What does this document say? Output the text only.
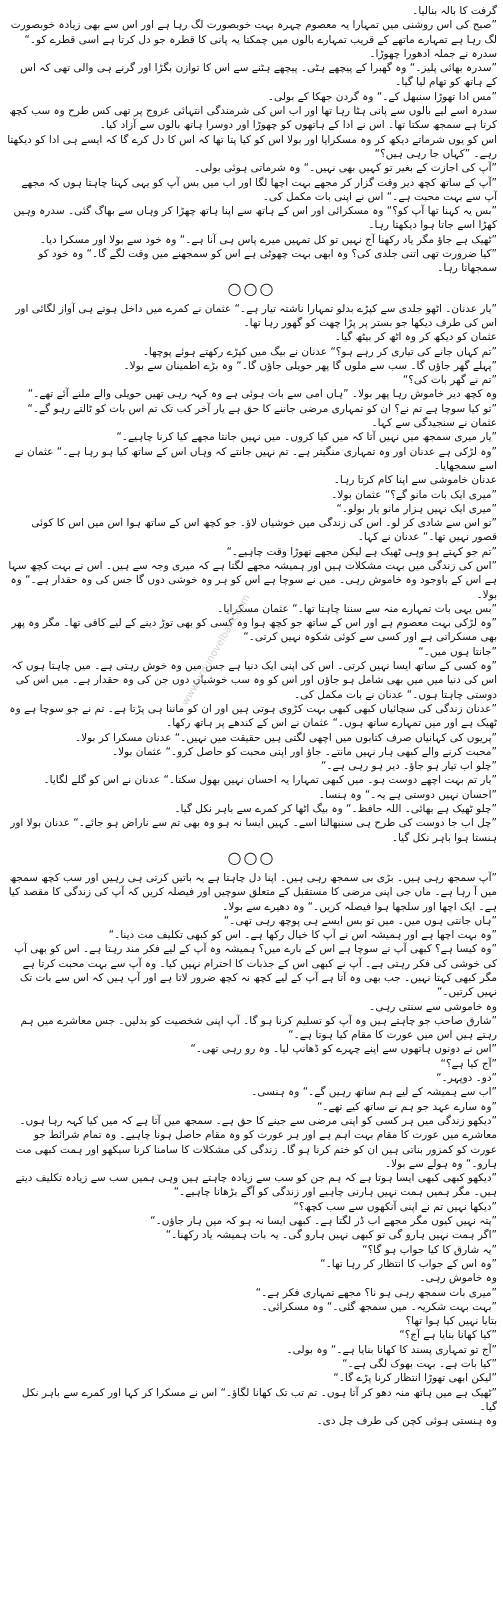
گرفت کا بالہ بنالیا۔

”صبح کی اس روشنی میں تمہارا یہ معصوم چہرہ بہت خوبصورت لگ رہا ہے اور اس سے بھی زیادہ خوبصورت لگ رہا ہے تمہارے ماتھے کے قریب تمہارے بالوں میں چمکتا یہ پانی کا قطرہ جو دل کرتا ہے اسی قطرے کو۔“ سدرہ نے جملہ ادھورا چھوڑا۔

”سدرہ بھائی پلیز۔“ وہ گھبرا کے پیچھے ہٹی۔ پیچھے ہٹنے سے اس کا توازن بگڑا اور گرنے ہی والی تھی کہ اس کے ہاتھ کو تھام لیا گیا۔

”مس ادا تھوڑا سنبھل کے۔“ وہ گردن جھکا کے بولی۔

سدرہ اسے لیے بالوں سے پانی ہٹا رہا تھا اور اب اس کی شرمندگی انتہائی عروج پر تھی کس طرح وہ سب کچھ کرتا ہے سمجھ سکتا تھا۔ اس نے ادا کے ہاتھوں کو چھوڑا اور دوسرا ہاتھ بالوں سے آزاد کیا۔

اس کو یوں شرماتے دیکھ کر وہ مسکرایا اور بولا اس کو کیا پتا تھا کہ اس کا دل کرے گا کہ ایسے ہی ادا کو دیکھتا رہے۔ ”کہاں جا رہی ہیں؟“

”آپ کی اجازت کے بغیر تو کہیں بھی نہیں۔“ وہ شرماتی ہوئی بولی۔

”آپ کے ساتھ کچھ دیر وقت گزار کر مجھے بہت اچھا لگا اور اب میں بس آپ کو یہی کہنا چاہتا ہوں کہ مجھے آپ سے بہت محبت ہے۔“ اس نے اپنی بات مکمل کی۔

”بس یہ کہنا تھا آپ کو؟“ وہ مسکرائی اور اس کے ہاتھ سے اپنا ہاتھ چھڑا کر وہاں سے بھاگ گئی۔ سدرہ وہیں کھڑا اسے جاتا ہوا دیکھتا رہا۔

”ٹھیک ہے جاؤ مگر یاد رکھنا آج نہیں تو کل تمہیں میرے پاس ہی آنا ہے۔“ وہ خود سے بولا اور مسکرا دیا۔

”کیا ضرورت تھی اتنی جلدی کی؟ وہ ابھی بہت چھوٹی ہے اس کو سمجھنے میں وقت لگے گا۔“ وہ خود کو سمجھاتا رہا۔

○○○

”یار عدنان۔ اٹھو جلدی سے کپڑے بدلو تمہارا ناشتہ تیار ہے۔“ عثمان نے کمرے میں داخل ہوتے ہی آواز لگائی اور اس کی طرف دیکھا جو بستر پر پڑا چھت کو گھور رہا تھا۔

عثمان کو دیکھ کر وہ اٹھ کر بیٹھ گیا۔

”تم کہاں جانے کی تیاری کر رہے ہو؟“ عدنان نے بیگ میں کپڑے رکھتے ہوئے پوچھا۔

”پہلے گھر جاؤں گا۔ سب سے ملوں گا پھر حویلی جاؤں گا۔“ وہ بڑے اطمینان سے بولا۔

”تم نے گھر بات کی؟“

وہ کچھ دیر خاموش رہا پھر بولا۔ ”ہاں امی سے بات ہوئی ہے وہ کہہ رہی تھیں حویلی والے ملنے آئے تھے۔“

”تو کیا سوچا ہے تم نے؟ ان کو تمہاری مرضی جاننے کا حق ہے یار آخر کب تک تم اس بات کو ٹالتے رہو گے۔“ عثمان نے سنجیدگی سے کہا۔

”یار میری سمجھ میں نہیں آتا کہ میں کیا کروں۔ میں نہیں جانتا مجھے کیا کرنا چاہیے۔“

”وہ لڑکی ہے عدنان اور وہ تمہاری منگیتر ہے۔ تم نہیں جانتے کہ وہاں اس کے ساتھ کیا ہو رہا ہے۔“ عثمان نے اسے سمجھایا۔

عدنان خاموشی سے اپنا کام کرتا رہا۔

”میری ایک بات مانو گے؟“ عثمان بولا۔

”میری ایک نہیں ہزار مانو یار بولو۔“

”تو اس سے شادی کر لو۔ اس کی زندگی میں خوشیاں لاؤ۔ جو کچھ اس کے ساتھ ہوا اس میں اس کا کوئی قصور نہیں تھا۔“ عدنان نے کہا۔

”تم جو کہتے ہو وہی ٹھیک ہے لیکن مجھے تھوڑا وقت چاہیے۔“

”اس کی زندگی میں بہت مشکلات ہیں اور ہمیشہ مجھے لگتا ہے کہ میری وجہ سے ہیں۔ اس نے بہت کچھ سہا ہے اس کے باوجود وہ خاموش رہی۔ میں نے سوچا ہے اس کو ہر وہ خوشی دوں گا جس کی وہ حقدار ہے۔“ وہ بولا۔

”بس یہی بات تمہارے منہ سے سننا چاہتا تھا۔“ عثمان مسکرایا۔

”وہ لڑکی بہت معصوم ہے اور اس کے ساتھ جو کچھ ہوا وہ کسی کو بھی توڑ دینے کے لیے کافی تھا۔ مگر وہ پھر بھی مسکراتی ہے اور کسی سے کوئی شکوہ نہیں کرتی۔“

”جانتا ہوں میں۔“

”وہ کسی کے ساتھ ایسا نہیں کرتی۔ اس کی اپنی ایک دنیا ہے جس میں وہ خوش رہتی ہے۔ میں چاہتا ہوں کہ اس کی دنیا میں میں بھی شامل ہو جاؤں اور اس کو وہ سب خوشیاں دوں جن کی وہ حقدار ہے۔ میں اس کی دوستی چاہتا ہوں۔“ عدنان نے بات مکمل کی۔

”عدنان زندگی کی سچائیاں کبھی کبھی بہت کڑوی ہوتی ہیں اور ان کو ماننا ہی پڑتا ہے۔ تم نے جو سوچا ہے وہ ٹھیک ہے اور میں تمہارے ساتھ ہوں۔“ عثمان نے اس کے کندھے پر ہاتھ رکھا۔

”پریوں کی کہانیاں صرف کتابوں میں اچھی لگتی ہیں حقیقت میں نہیں۔“ عدنان مسکرا کر بولا۔

”محبت کرنے والے کبھی ہار نہیں مانتے۔ جاؤ اور اپنی محبت کو حاصل کرو۔“ عثمان بولا۔

”چلو اب تیار ہو جاؤ۔ دیر ہو رہی ہے۔“

”یار تم بہت اچھے دوست ہو۔ میں کبھی تمہارا یہ احسان نہیں بھول سکتا۔“ عدنان نے اس کو گلے لگایا۔

”احسان نہیں دوستی ہے یہ۔“ وہ ہنسا۔

”چلو ٹھیک ہے بھائی۔ اللہ حافظ۔“ وہ بیگ اٹھا کر کمرے سے باہر نکل گیا۔

”چل اب جا دوست کی طرح ہی سنبھالنا اسے۔ کہیں ایسا نہ ہو وہ بھی تم سے ناراض ہو جائے۔“ عدنان بولا اور ہنستا ہوا باہر نکل گیا۔

○○○

”آپ سمجھ رہی ہیں۔ بڑی بی سمجھ رہی ہیں۔ اپنا دل چاہتا ہے یہ باتیں کرتی ہی رہیں اور سب کچھ سمجھ میں آ رہا ہے۔ ماں جی اپنی مرضی کا مستقبل کے متعلق سوچیں اور فیصلہ کریں کہ آپ کی زندگی کا مقصد کیا ہے۔ ایک اچھا اور سلجھا ہوا فیصلہ کریں۔“ وہ دھیرے سے بولا۔

”ہاں جانتی ہوں میں۔ میں تو بس ایسے ہی پوچھ رہی تھی۔“

”وہ بہت اچھا ہے اور ہمیشہ اس نے آپ کا خیال رکھا ہے۔ اس کو کبھی تکلیف مت دینا۔“

”وہ کیسا ہے؟ کبھی آپ نے سوچا ہے اس کے بارے میں؟ ہمیشہ وہ آپ کے لیے فکر مند رہتا ہے۔ اس کو بھی آپ کی خوشی کی فکر رہتی ہے۔ آپ نے کبھی اس کے جذبات کا احترام نہیں کیا۔ وہ آپ سے بہت محبت کرتا ہے مگر کبھی کہتا نہیں۔ جب بھی وہ آتا ہے آپ کے لیے کچھ نہ کچھ ضرور لاتا ہے اور آپ ہیں کہ اس سے بات تک نہیں کرتیں۔“

وہ خاموشی سے سنتی رہی۔

”شارق صاحب جو چاہتے ہیں وہ آپ کو تسلیم کرنا ہو گا۔ آپ اپنی شخصیت کو بدلیں۔ جس معاشرے میں ہم رہتے ہیں اس میں عورت کا مقام کیا ہوتا ہے۔“

”اس نے دونوں ہاتھوں سے اپنے چہرے کو ڈھانپ لیا۔ وہ رو رہی تھی۔“

”آج کیا ہے؟“

”دو۔ دوپہر۔“

”اب سے ہمیشہ کے لیے ہم ساتھ رہیں گے۔“ وہ ہنسی۔

”وہ سارے عہد جو ہم نے ساتھ کیے تھے۔“

”دیکھو زندگی میں ہر کسی کو اپنی مرضی سے جینے کا حق ہے۔ سمجھ میں آتا ہے کہ میں کیا کہہ رہا ہوں۔ معاشرے میں عورت کا مقام بہت اہم ہے اور ہر عورت کو وہ مقام حاصل ہونا چاہیے۔ وہ تمام شرائط جو عورت کو کمزور بناتی ہیں ان کو ختم کرنا ہو گا۔ زندگی کی مشکلات کا سامنا کرنا سیکھو اور ہمت کبھی مت ہارو۔“ وہ ہولے سے بولا۔

”دیکھو کبھی کبھی ایسا ہوتا ہے کہ ہم جن کو سب سے زیادہ چاہتے ہیں وہی ہمیں سب سے زیادہ تکلیف دیتے ہیں۔ مگر ہمیں ہمت نہیں ہارنی چاہیے اور زندگی کو آگے بڑھانا چاہیے۔“

”دیکھا نہیں تم نے اپنی آنکھوں سے سب کچھ؟“

”پتہ نہیں کیوں مگر مجھے اب ڈر لگتا ہے۔ کبھی ایسا نہ ہو کہ میں ہار جاؤں۔“

”اگر ہمت نہیں ہارو گی تو کبھی نہیں ہارو گی۔ یہ بات ہمیشہ یاد رکھنا۔“

”یہ شارق کا کیا جواب ہو گا؟“

”وہ اس کے جواب کا انتظار کر رہا تھا۔“

وہ خاموش رہی۔

”میری بات سمجھ رہی ہو نا؟ مجھے تمہاری فکر ہے۔“

”بہت بہت شکریہ۔ میں سمجھ گئی۔“ وہ مسکرائی۔

بتایا نہیں کیا ہوا تھا؟

”کیا کھانا بنایا ہے آج؟“

”آج تو تمہاری پسند کا کھانا بنایا ہے۔“ وہ بولی۔

”کیا بات ہے۔ بہت بھوک لگی ہے۔“

”لیکن ابھی تھوڑا انتظار کرنا پڑے گا۔“

”ٹھیک ہے میں ہاتھ منہ دھو کر آتا ہوں۔ تم تب تک کھانا لگاؤ۔“ اس نے مسکرا کر کہا اور کمرے سے باہر نکل گیا۔

وہ ہنستی ہوئی کچن کی طرف چل دی۔

www.urdunovelbank.com
